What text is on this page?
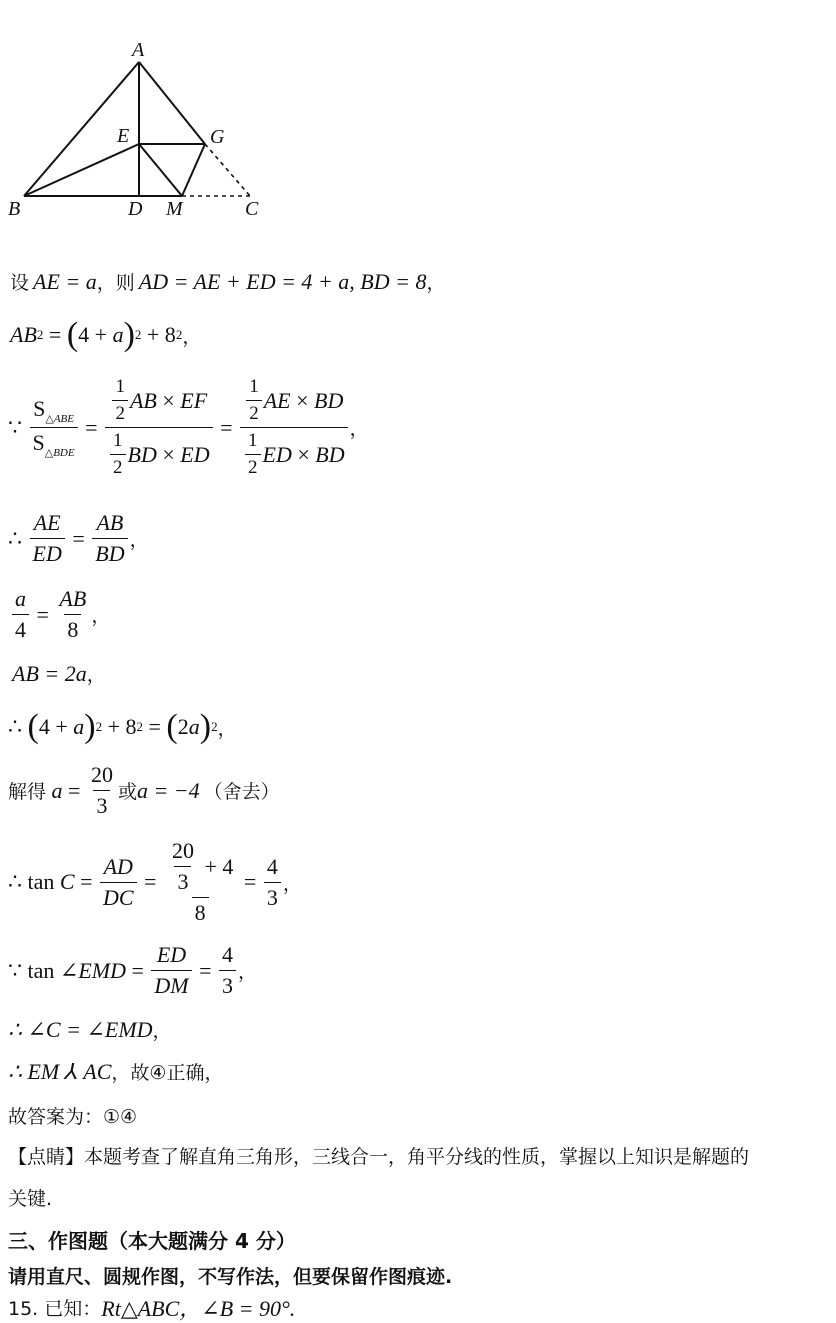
A
E	G
B	D M	C
设 AE = a ，则 AD = AE + ED = 4 + a, BD = 8 ，
AB 2 = ( 4 + a ) 2 + 8 2 ，
∵ $\frac{S_{\triangle ABE}}{S_{\triangle BDE}} = \frac{\frac{1}{2} AB \times EF}{\frac{1}{2} BD \times ED} = \frac{\frac{1}{2} AE \times BD}{\frac{1}{2} ED \times BD}$ ，
∴ $\frac{AE}{ED} = \frac{AB}{BD}$ ，
$\frac{a}{4} = \frac{AB}{8}$ ，
AB = 2a ，
∴ ( 4 + a ) 2 + 8 2 = ( 2 a ) 2 ，
解得 $a = \frac{20}{3}$ 或 a = −4 （舍去）
∴ $\tan C = \frac{AD}{DC} = \frac{\frac{20}{3} + 4}{8} = \frac{4}{3}$ ，
∵ tan ∠EMD = $\frac{ED}{DM} = \frac{4}{3}$ ，
∴ ∠C = ∠EMD ，
∴ EM ⅄ AC ，故④正确，
故答案为：①④
【点睛】本题考查了解直角三角形，三线合一，角平分线的性质，掌握以上知识是解题的
关键.
三、作图题（本大题满分 4 分）
请用直尺、圆规作图，不写作法，但要保留作图痕迹.
15. 已知： Rt△ABC，∠B = 90°.
